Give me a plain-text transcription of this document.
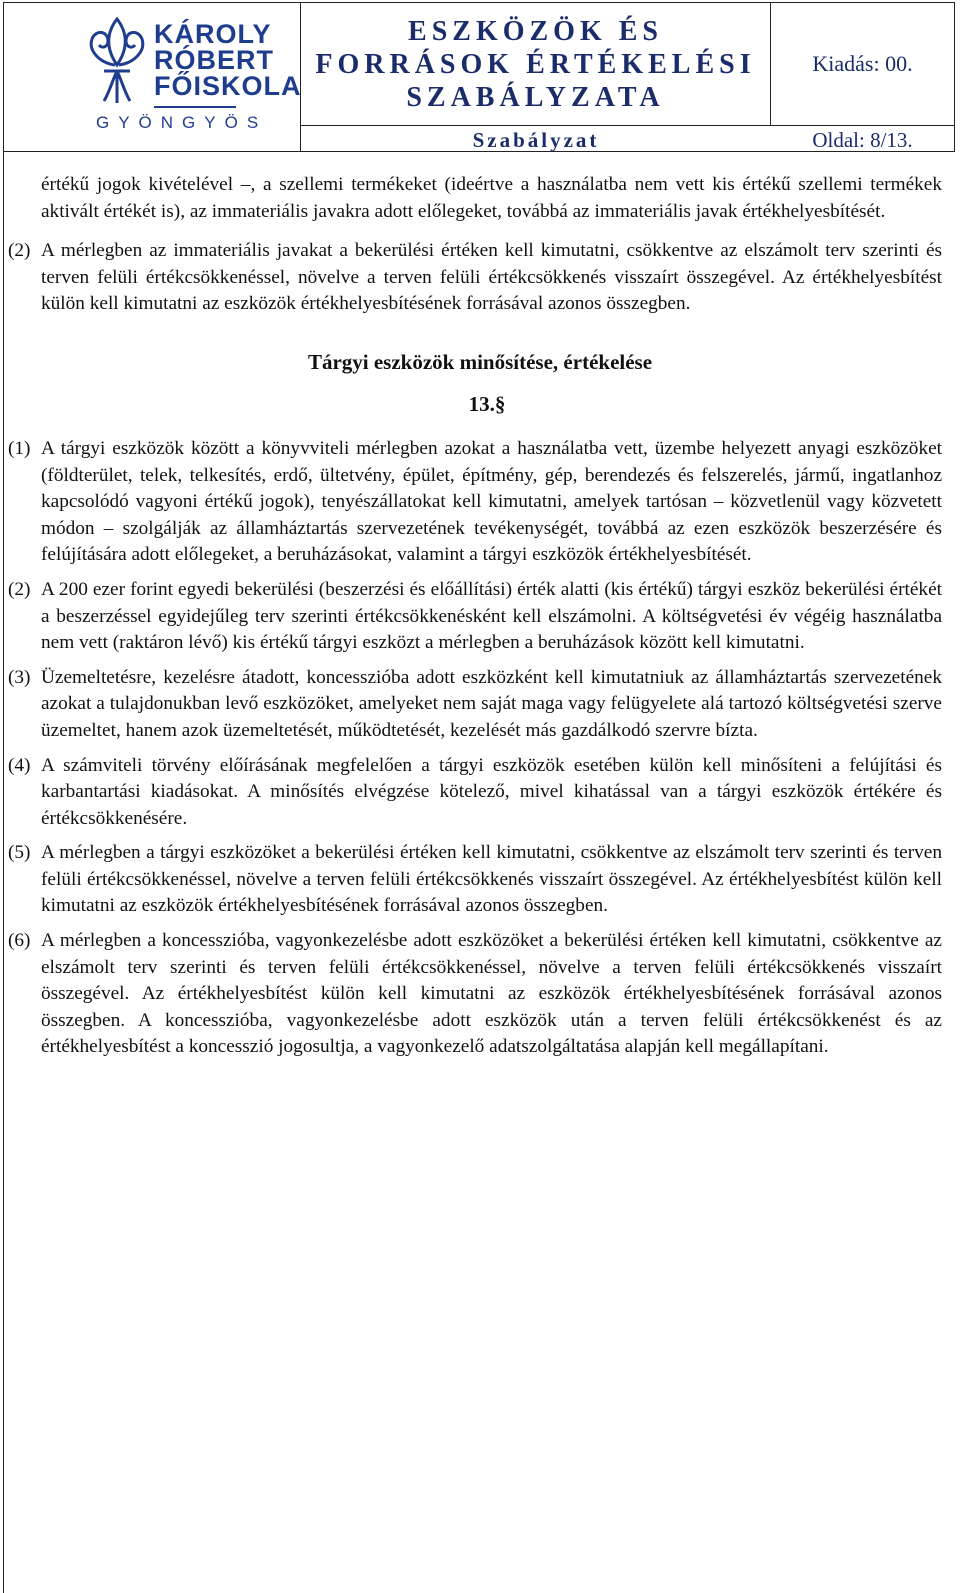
KÁROLY
RÓBERT
FŐISKOLA
GYÖNGYÖS
ESZKÖZÖK ÉS
FORRÁSOK ÉRTÉKELÉSI
SZABÁLYZATA
Kiadás: 00.
Szabályzat	Oldal: 8/13.

értékű jogok kivételével –, a szellemi termékeket (ideértve a használatba nem vett kis értékű szellemi termékek aktivált értékét is), az immateriális javakra adott előlegeket, továbbá az immateriális javak értékhelyesbítését.

(2) A mérlegben az immateriális javakat a bekerülési értéken kell kimutatni, csökkentve az elszámolt terv szerinti és terven felüli értékcsökkenéssel, növelve a terven felüli értékcsökkenés visszaírt összegével. Az értékhelyesbítést külön kell kimutatni az eszközök értékhelyesbítésének forrásával azonos összegben.

Tárgyi eszközök minősítése, értékelése

13.§

(1) A tárgyi eszközök között a könyvviteli mérlegben azokat a használatba vett, üzembe helyezett anyagi eszközöket (földterület, telek, telkesítés, erdő, ültetvény, épület, építmény, gép, berendezés és felszerelés, jármű, ingatlanhoz kapcsolódó vagyoni értékű jogok), tenyészállatokat kell kimutatni, amelyek tartósan – közvetlenül vagy közvetett módon – szolgálják az államháztartás szervezetének tevékenységét, továbbá az ezen eszközök beszerzésére és felújítására adott előlegeket, a beruházásokat, valamint a tárgyi eszközök értékhelyesbítését.

(2) A 200 ezer forint egyedi bekerülési (beszerzési és előállítási) érték alatti (kis értékű) tárgyi eszköz bekerülési értékét a beszerzéssel egyidejűleg terv szerinti értékcsökkenésként kell elszámolni. A költségvetési év végéig használatba nem vett (raktáron lévő) kis értékű tárgyi eszközt a mérlegben a beruházások között kell kimutatni.

(3) Üzemeltetésre, kezelésre átadott, koncesszióba adott eszközként kell kimutatniuk az államháztartás szervezetének azokat a tulajdonukban levő eszközöket, amelyeket nem saját maga vagy felügyelete alá tartozó költségvetési szerve üzemeltet, hanem azok üzemeltetését, működtetését, kezelését más gazdálkodó szervre bízta.

(4) A számviteli törvény előírásának megfelelően a tárgyi eszközök esetében külön kell minősíteni a felújítási és karbantartási kiadásokat. A minősítés elvégzése kötelező, mivel kihatással van a tárgyi eszközök értékére és értékcsökkenésére.

(5) A mérlegben a tárgyi eszközöket a bekerülési értéken kell kimutatni, csökkentve az elszámolt terv szerinti és terven felüli értékcsökkenéssel, növelve a terven felüli értékcsökkenés visszaírt összegével. Az értékhelyesbítést külön kell kimutatni az eszközök értékhelyesbítésének forrásával azonos összegben.

(6) A mérlegben a koncesszióba, vagyonkezelésbe adott eszközöket a bekerülési értéken kell kimutatni, csökkentve az elszámolt terv szerinti és terven felüli értékcsökkenéssel, növelve a terven felüli értékcsökkenés visszaírt összegével. Az értékhelyesbítést külön kell kimutatni az eszközök értékhelyesbítésének forrásával azonos összegben. A koncesszióba, vagyonkezelésbe adott eszközök után a terven felüli értékcsökkenést és az értékhelyesbítést a koncesszió jogosultja, a vagyonkezelő adatszolgáltatása alapján kell megállapítani.
